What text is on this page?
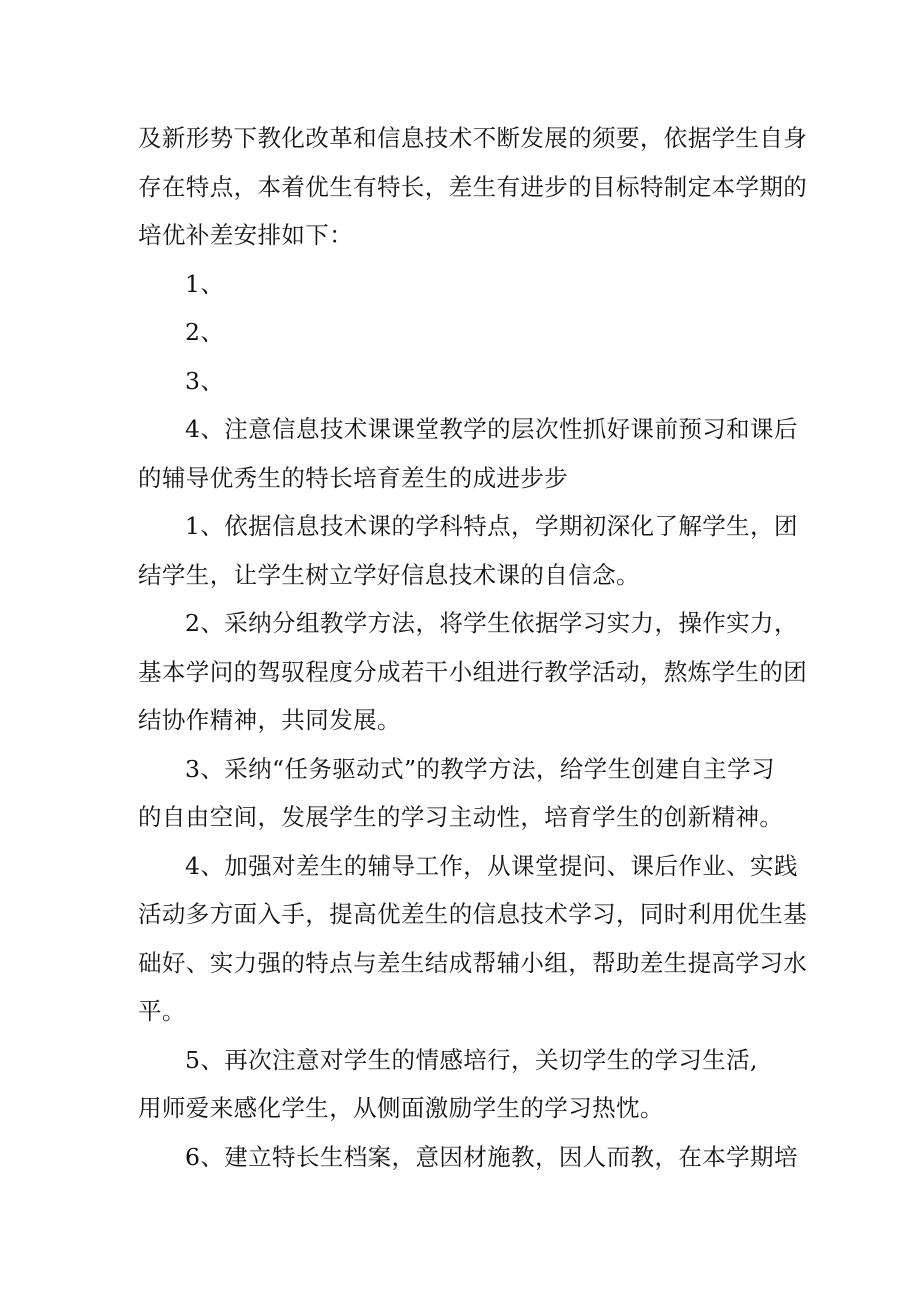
及新形势下教化改革和信息技术不断发展的须要，依据学生自身
存在特点，本着优生有特长，差生有进步的目标特制定本学期的
培优补差安排如下：
1、
2、
3、
4、注意信息技术课课堂教学的层次性抓好课前预习和课后
的辅导优秀生的特长培育差生的成进步步
1、依据信息技术课的学科特点，学期初深化了解学生，团
结学生，让学生树立学好信息技术课的自信念。
2、采纳分组教学方法，将学生依据学习实力，操作实力，
基本学问的驾驭程度分成若干小组进行教学活动，熬炼学生的团
结协作精神，共同发展。
3、采纳“任务驱动式”的教学方法，给学生创建自主学习
的自由空间，发展学生的学习主动性，培育学生的创新精神。
4、加强对差生的辅导工作，从课堂提问、课后作业、实践
活动多方面入手，提高优差生的信息技术学习，同时利用优生基
础好、实力强的特点与差生结成帮辅小组，帮助差生提高学习水
平。
5、再次注意对学生的情感培行，关切学生的学习生活,
用师爱来感化学生，从侧面激励学生的学习热忱。
6、建立特长生档案，意因材施教，因人而教，在本学期培
